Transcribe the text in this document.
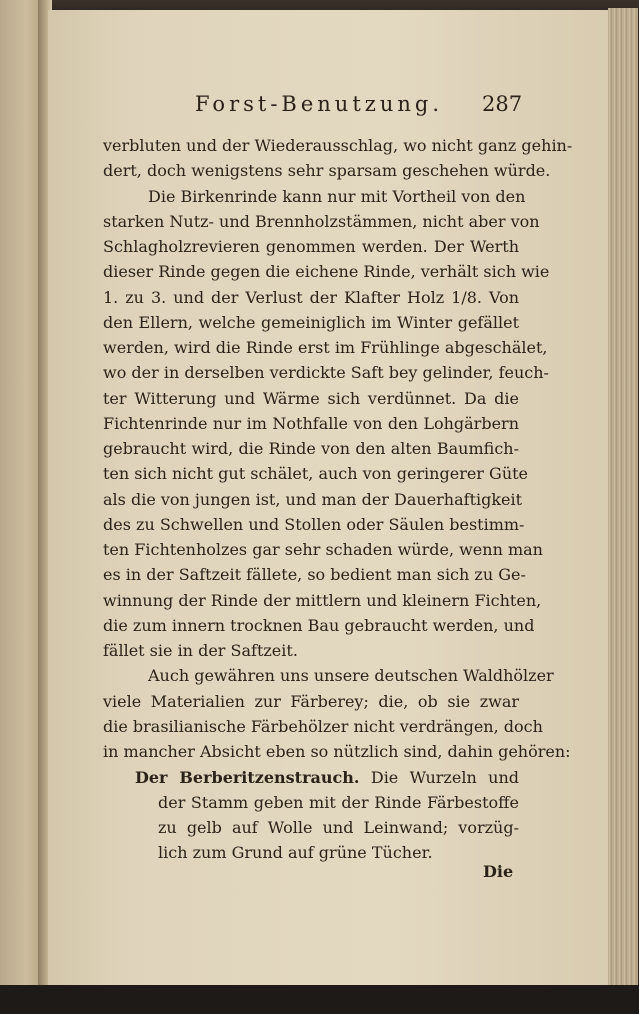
Forst-Benutzung. 287
verbluten und der Wiederausschlag, wo nicht ganz gehin-
dert, doch wenigstens sehr sparsam geschehen würde.
Die Birkenrinde kann nur mit Vortheil von den
starken Nutz- und Brennholzstämmen, nicht aber von
Schlagholzrevieren genommen werden. Der Werth
dieser Rinde gegen die eichene Rinde, verhält sich wie
1. zu 3. und der Verlust der Klafter Holz 1/8. Von
den Ellern, welche gemeiniglich im Winter gefället
werden, wird die Rinde erst im Frühlinge abgeschälet,
wo der in derselben verdickte Saft bey gelinder, feuch-
ter Witterung und Wärme sich verdünnet. Da die
Fichtenrinde nur im Nothfalle von den Lohgärbern
gebraucht wird, die Rinde von den alten Baumfich-
ten sich nicht gut schälet, auch von geringerer Güte
als die von jungen ist, und man der Dauerhaftigkeit
des zu Schwellen und Stollen oder Säulen bestimm-
ten Fichtenholzes gar sehr schaden würde, wenn man
es in der Saftzeit fällete, so bedient man sich zu Ge-
winnung der Rinde der mittlern und kleinern Fichten,
die zum innern trocknen Bau gebraucht werden, und
fället sie in der Saftzeit.
Auch gewähren uns unsere deutschen Waldhölzer
viele Materialien zur Färberey; die, ob sie zwar
die brasilianische Färbehölzer nicht verdrängen, doch
in mancher Absicht eben so nützlich sind, dahin gehören:
Der Berberitzenstrauch. Die Wurzeln und
der Stamm geben mit der Rinde Färbestoffe
zu gelb auf Wolle und Leinwand; vorzüg-
lich zum Grund auf grüne Tücher.
Die
